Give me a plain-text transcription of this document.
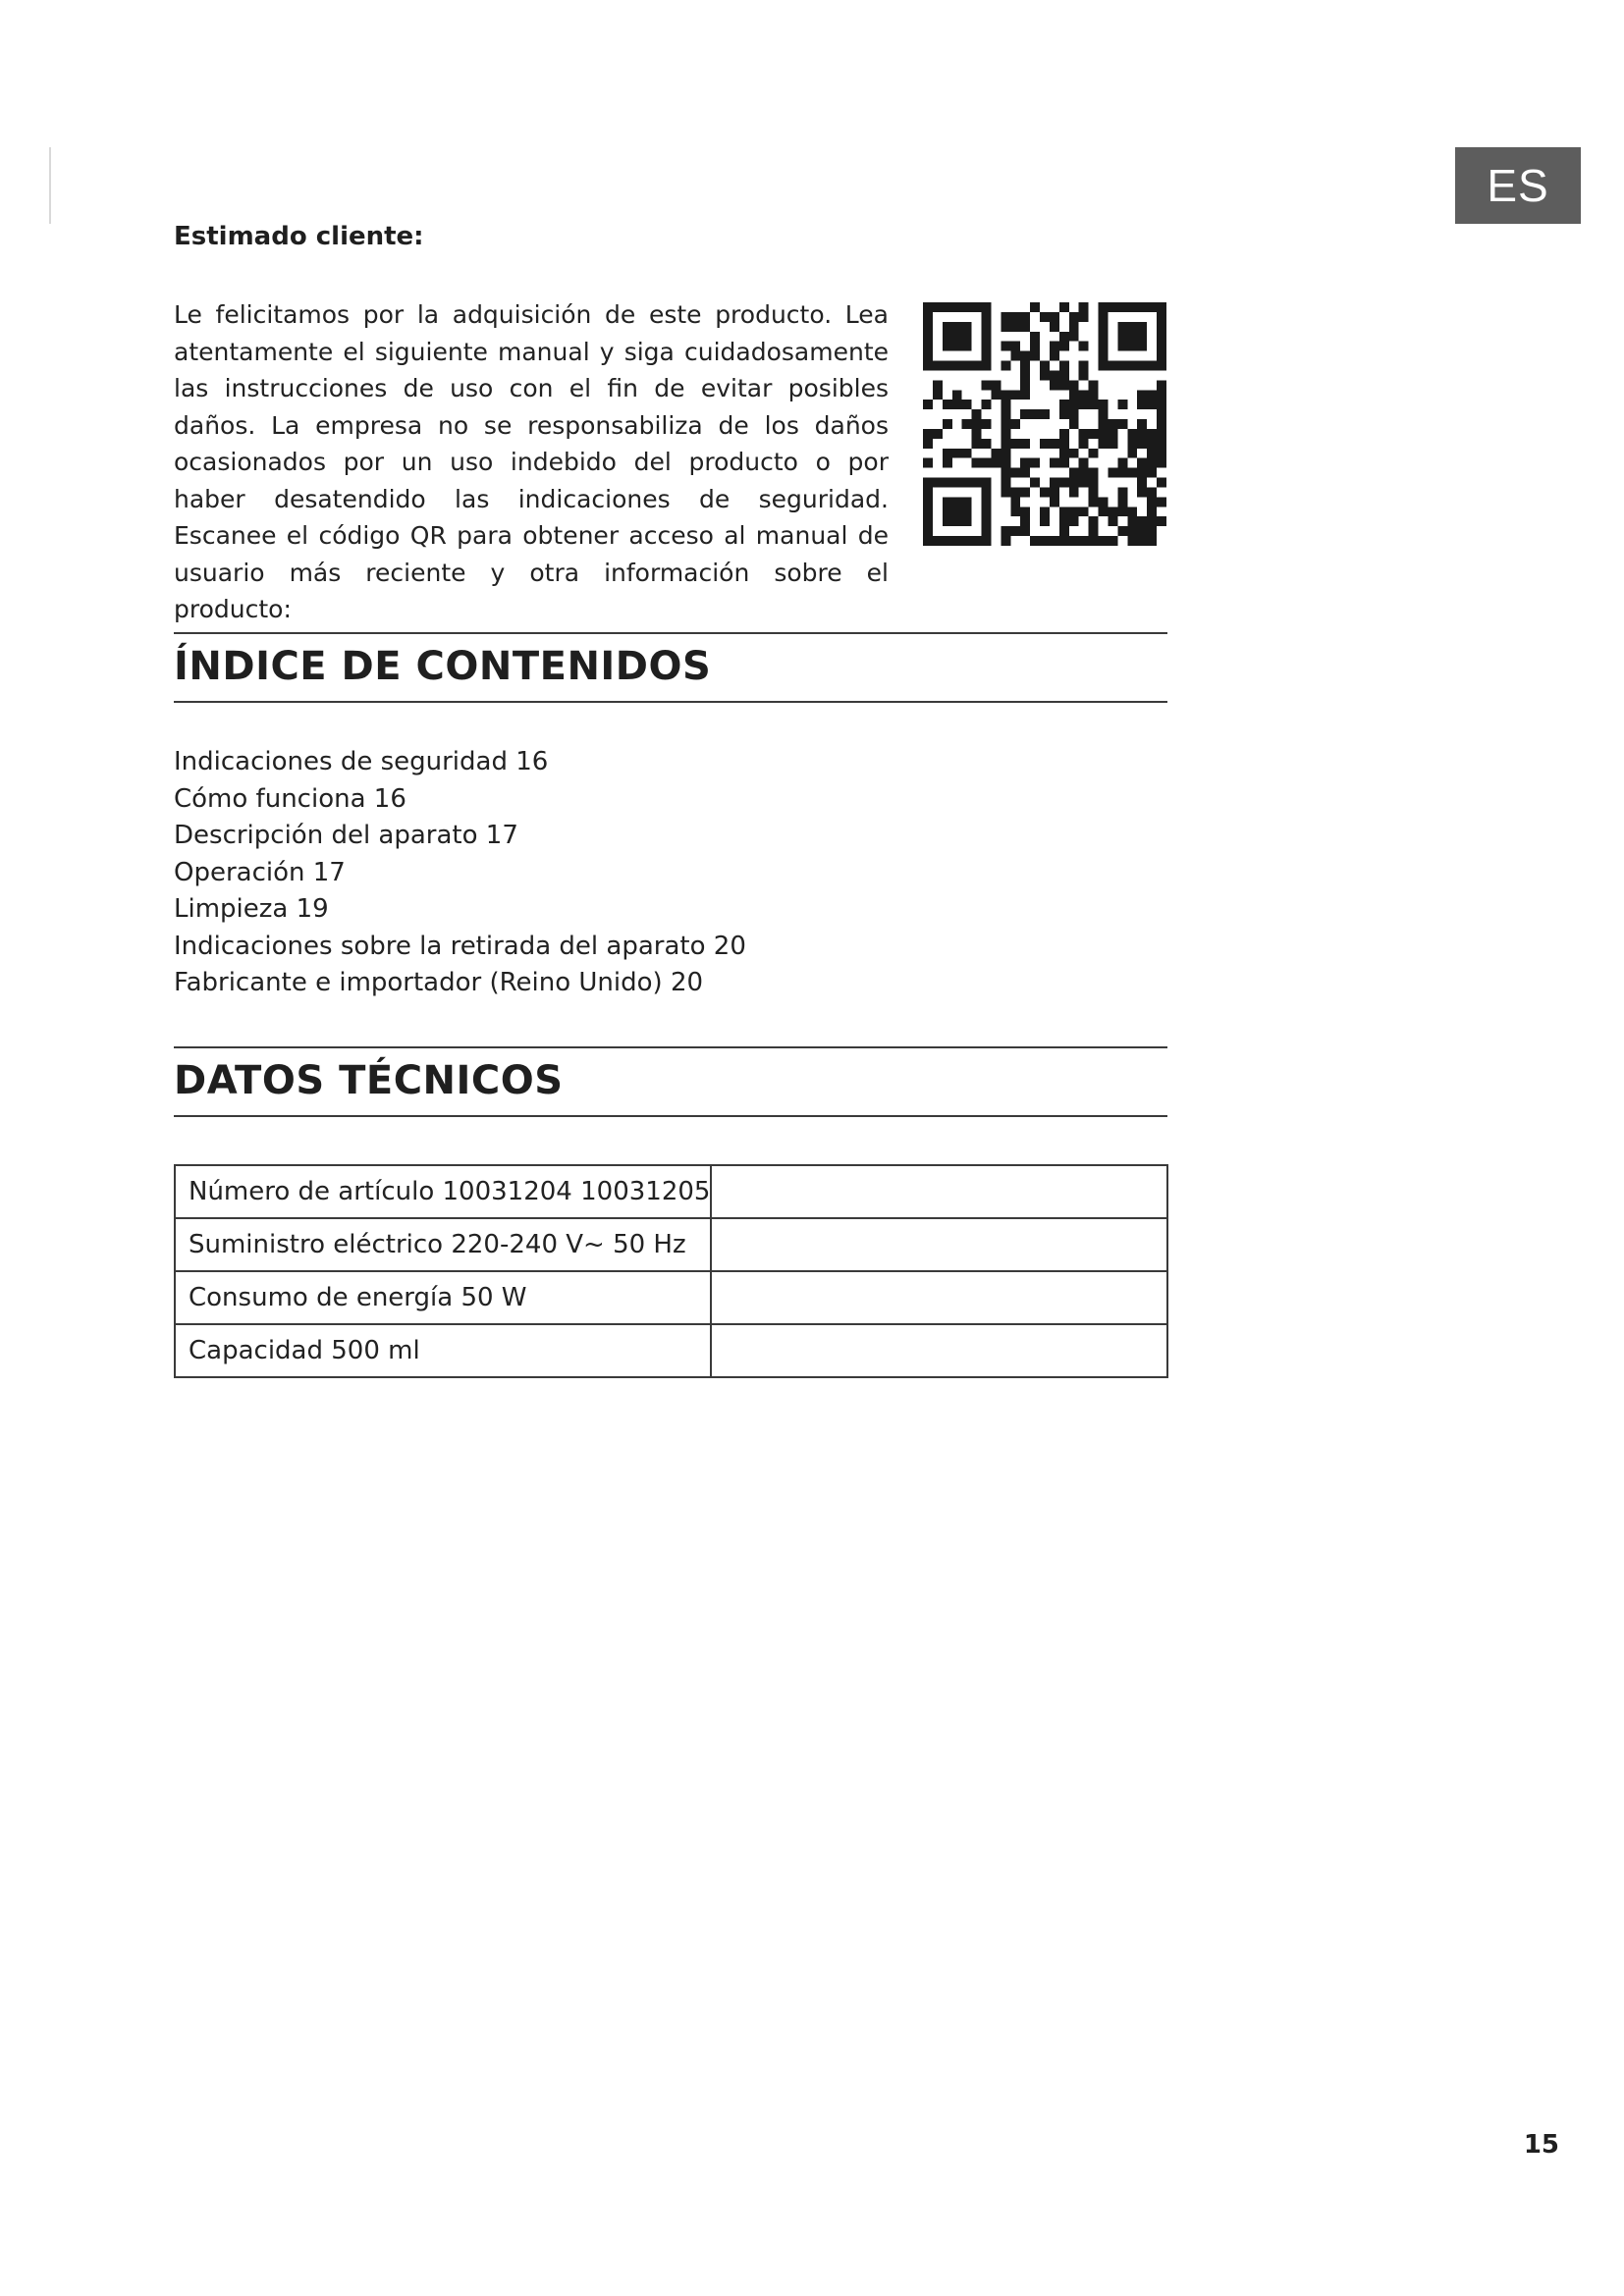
ES

Estimado cliente:

Le felicitamos por la adquisición de este producto. Lea atentamente el siguiente manual y siga cuidadosamente las instrucciones de uso con el fin de evitar posibles daños. La empresa no se responsabiliza de los daños ocasionados por un uso indebido del producto o por haber desatendido las indicaciones de seguridad. Escanee el código QR para obtener acceso al manual de usuario más reciente y otra información sobre el producto:

ÍNDICE DE CONTENIDOS
Indicaciones de seguridad 16
Cómo funciona 16
Descripción del aparato 17
Operación 17
Limpieza 19
Indicaciones sobre la retirada del aparato 20
Fabricante e importador (Reino Unido) 20
DATOS TÉCNICOS
Número de artículo 10031204 10031205	
Suministro eléctrico 220-240 V~ 50 Hz	
Consumo de energía 50 W	
Capacidad 500 ml	
15
